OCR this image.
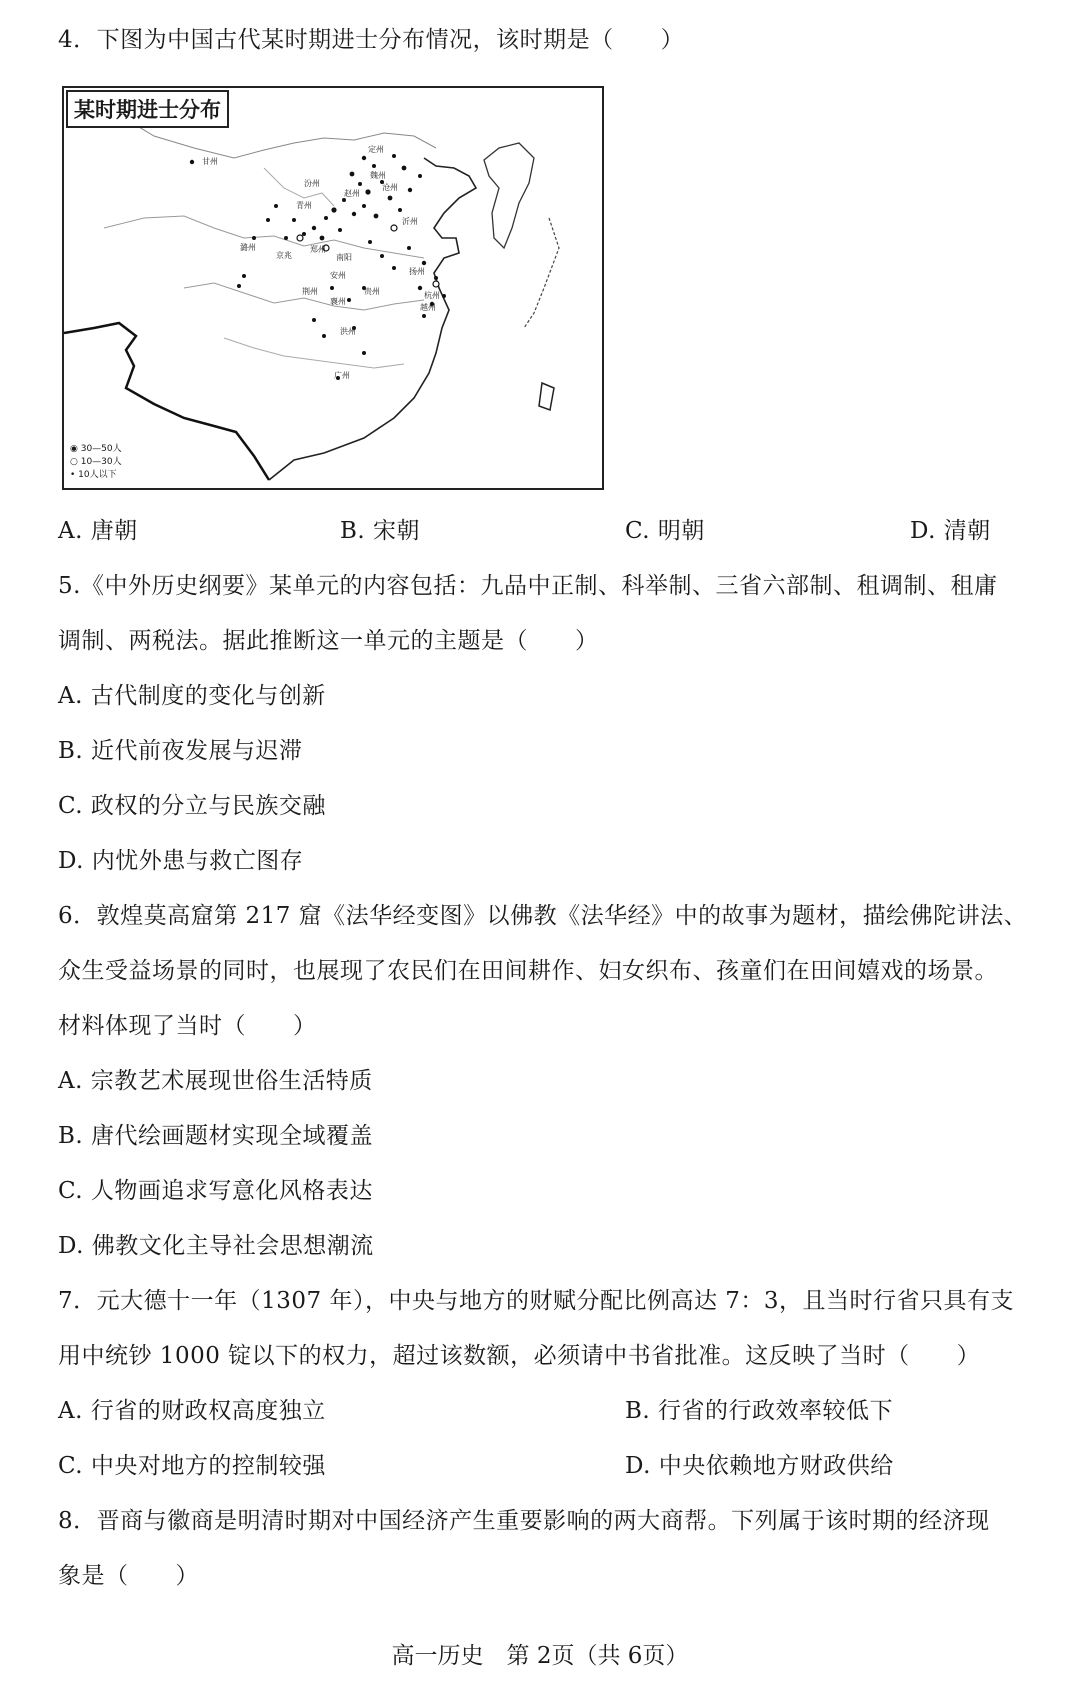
4．下图为中国古代某时期进士分布情况，该时期是（　　）
某时期进士分布
甘州
定州
赵州
沧州
青州
沂州
汾州
潞州
京兆
郑州
南阳
安州
荆州
襄州
扬州
杭州
越州
洪州
广州
魏州
贵州
◉ 30—50人
○ 10—30人
• 10人以下
A. 唐朝	B. 宋朝	C. 明朝	D. 清朝
5.《中外历史纲要》某单元的内容包括：九品中正制、科举制、三省六部制、租调制、租庸
调制、两税法。据此推断这一单元的主题是（　　）
A. 古代制度的变化与创新
B. 近代前夜发展与迟滞
C. 政权的分立与民族交融
D. 内忧外患与救亡图存
6．敦煌莫高窟第 217 窟《法华经变图》以佛教《法华经》中的故事为题材，描绘佛陀讲法、
众生受益场景的同时，也展现了农民们在田间耕作、妇女织布、孩童们在田间嬉戏的场景。
材料体现了当时（　　）
A. 宗教艺术展现世俗生活特质
B. 唐代绘画题材实现全域覆盖
C. 人物画追求写意化风格表达
D. 佛教文化主导社会思想潮流
7．元大德十一年（1307 年），中央与地方的财赋分配比例高达 7：3，且当时行省只具有支
用中统钞 1000 锭以下的权力，超过该数额，必须请中书省批准。这反映了当时（　　）
A. 行省的财政权高度独立	B. 行省的行政效率较低下
C. 中央对地方的控制较强	D. 中央依赖地方财政供给
8．晋商与徽商是明清时期对中国经济产生重要影响的两大商帮。下列属于该时期的经济现
象是（　　）
高一历史　第 2页（共 6页）
